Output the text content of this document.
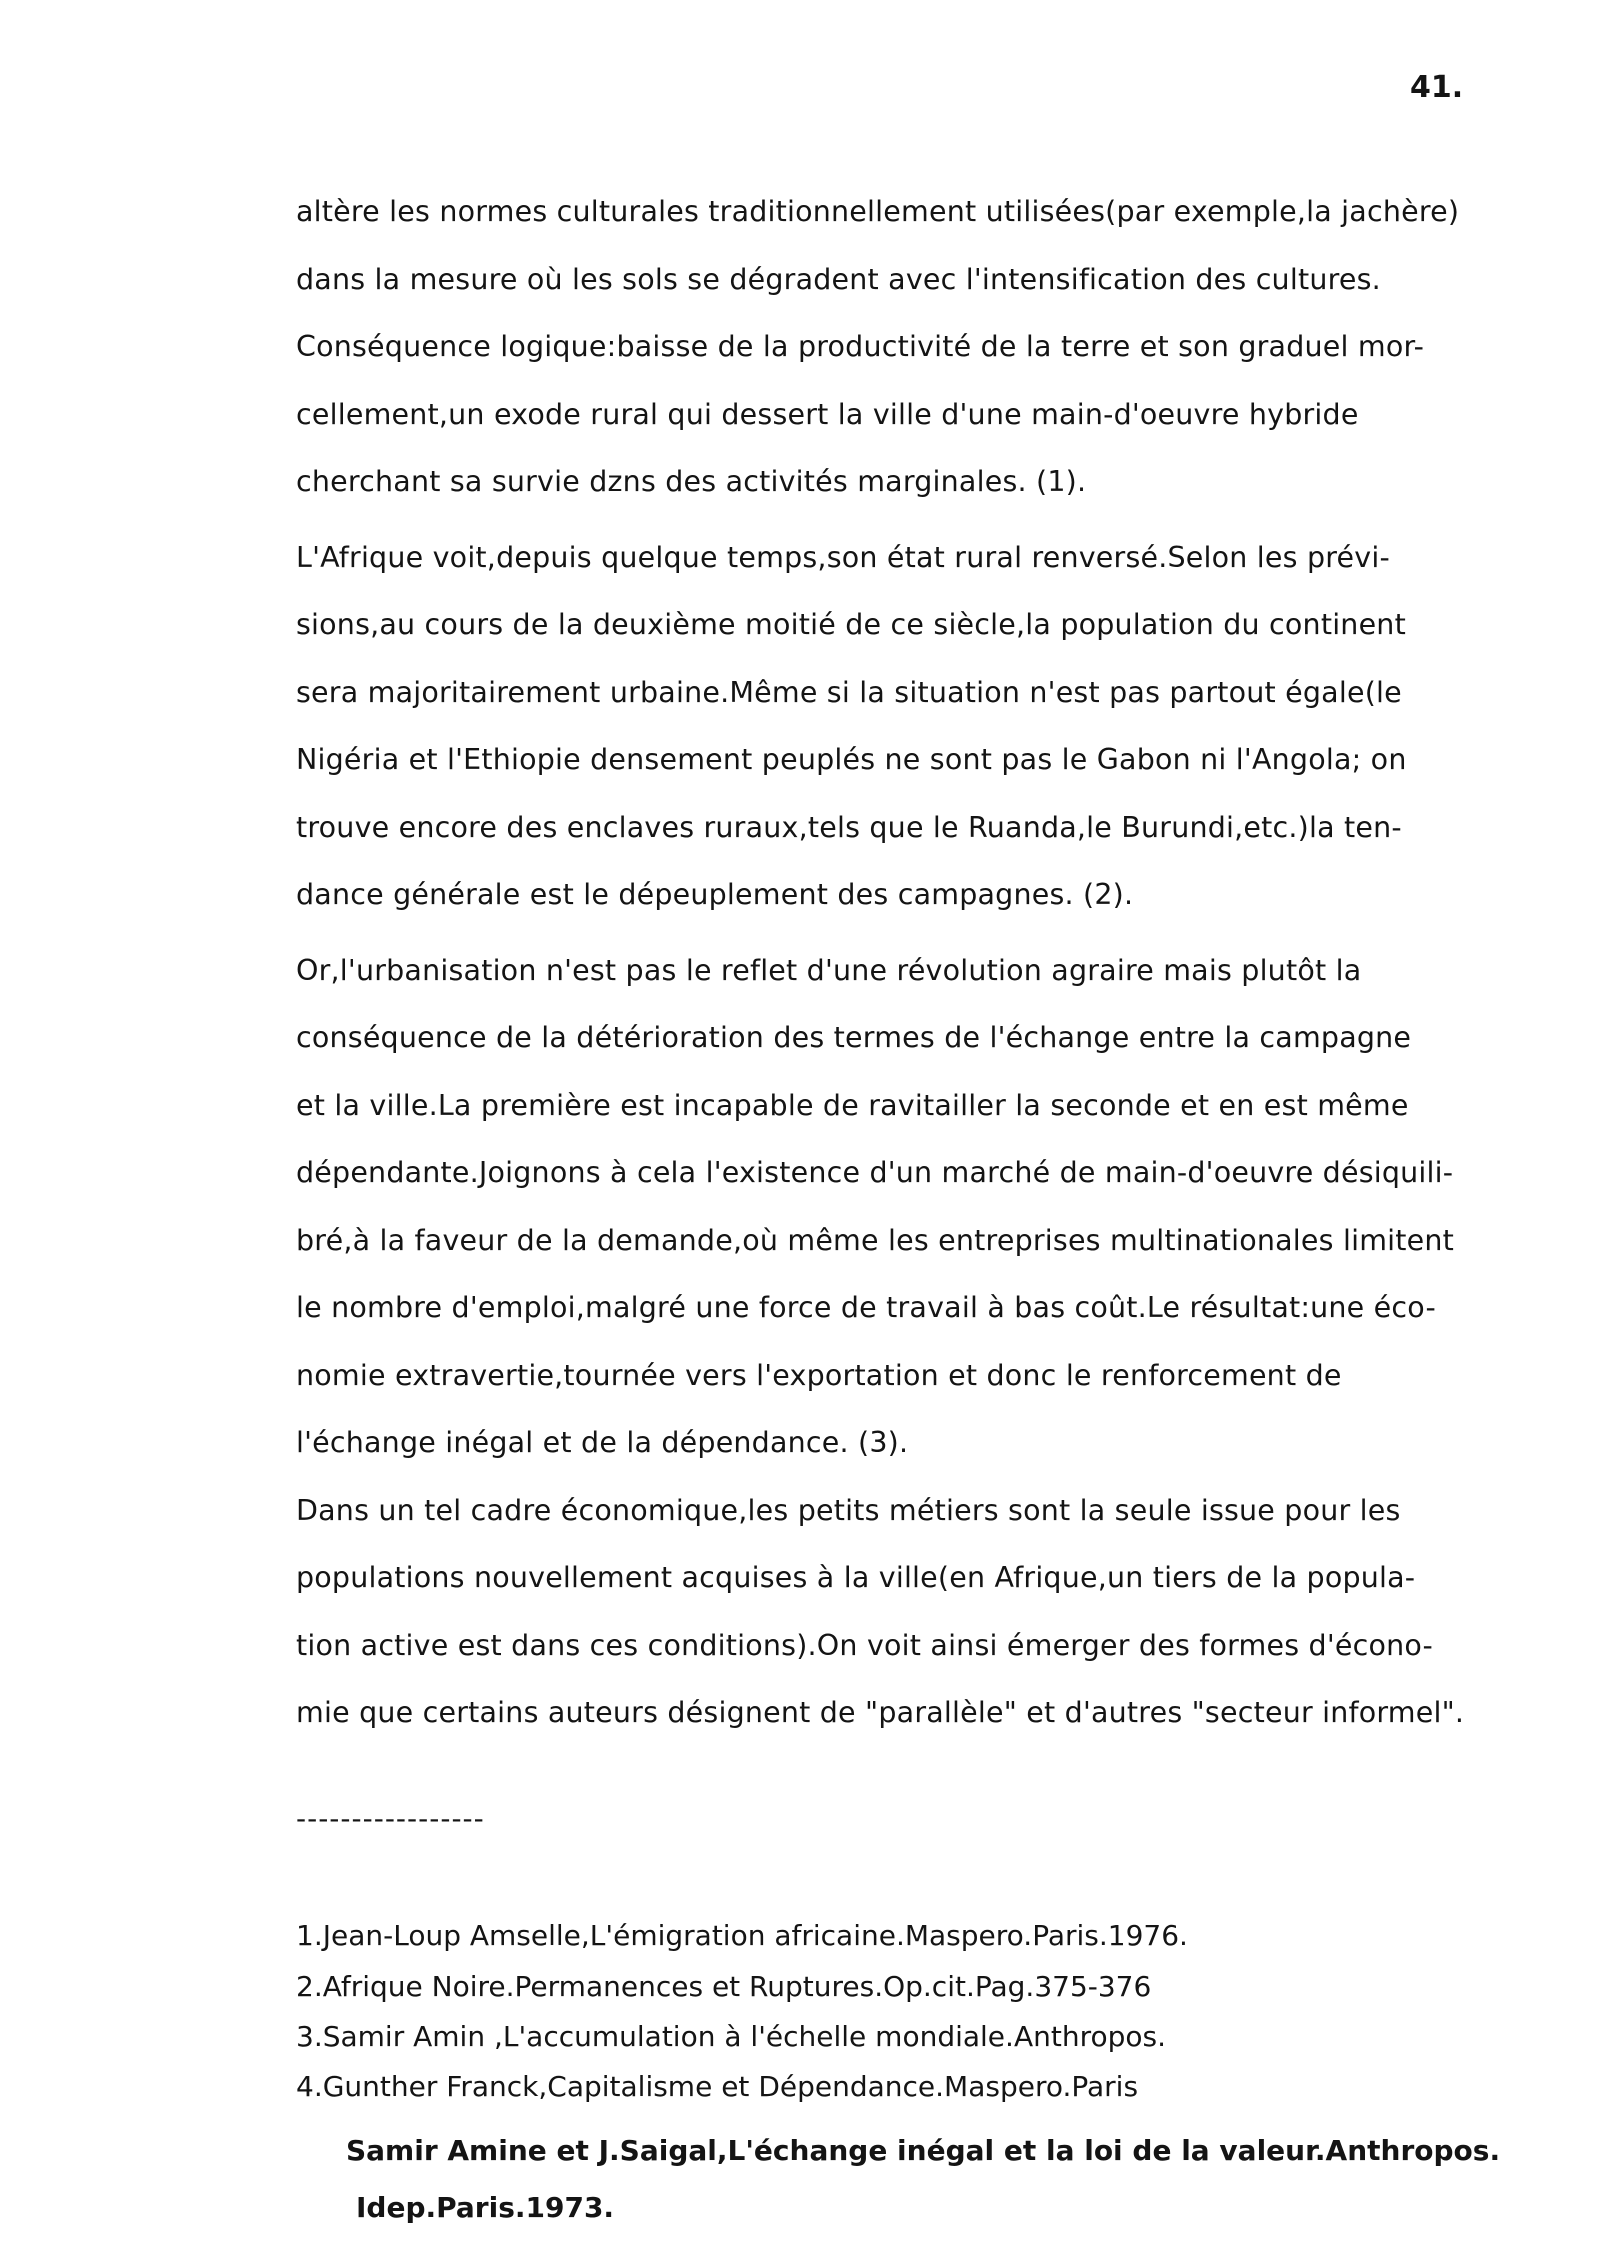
41.
altère les normes culturales traditionnellement utilisées(par exemple,la jachère)
dans la mesure où les sols se dégradent avec l'intensification des cultures.
Conséquence logique:baisse de la productivité de la terre et son graduel mor-
cellement,un exode rural qui dessert la ville d'une main-d'oeuvre hybride
cherchant sa survie dzns des activités marginales. (1).
L'Afrique voit,depuis quelque temps,son état rural renversé.Selon les prévi-
sions,au cours de la deuxième moitié de ce siècle,la population du continent
sera majoritairement urbaine.Même si la situation n'est pas partout égale(le
Nigéria et l'Ethiopie densement peuplés ne sont pas le Gabon ni l'Angola; on
trouve encore des enclaves ruraux,tels que le Ruanda,le Burundi,etc.)la ten-
dance générale est le dépeuplement des campagnes. (2).
Or,l'urbanisation n'est pas le reflet d'une révolution agraire mais plutôt la
conséquence de la détérioration des termes de l'échange entre la campagne
et la ville.La première est incapable de ravitailler la seconde et en est même
dépendante.Joignons à cela l'existence d'un marché de main-d'oeuvre désiquili-
bré,à la faveur de la demande,où même les entreprises multinationales limitent
le nombre d'emploi,malgré une force de travail à bas coût.Le résultat:une éco-
nomie extravertie,tournée vers l'exportation et donc le renforcement de
l'échange inégal et de la dépendance. (3).
Dans un tel cadre économique,les petits métiers sont la seule issue pour les
populations nouvellement acquises à la ville(en Afrique,un tiers de la popula-
tion active est dans ces conditions).On voit ainsi émerger des formes d'écono-
mie que certains auteurs désignent de "parallèle" et d'autres "secteur informel".
-----------------
1.Jean-Loup Amselle,L'émigration africaine.Maspero.Paris.1976.
2.Afrique Noire.Permanences et Ruptures.Op.cit.Pag.375-376
3.Samir Amin ,L'accumulation à l'échelle mondiale.Anthropos.
4.Gunther Franck,Capitalisme et Dépendance.Maspero.Paris
Samir Amine et J.Saigal,L'échange inégal et la loi de la valeur.Anthropos.
Idep.Paris.1973.
